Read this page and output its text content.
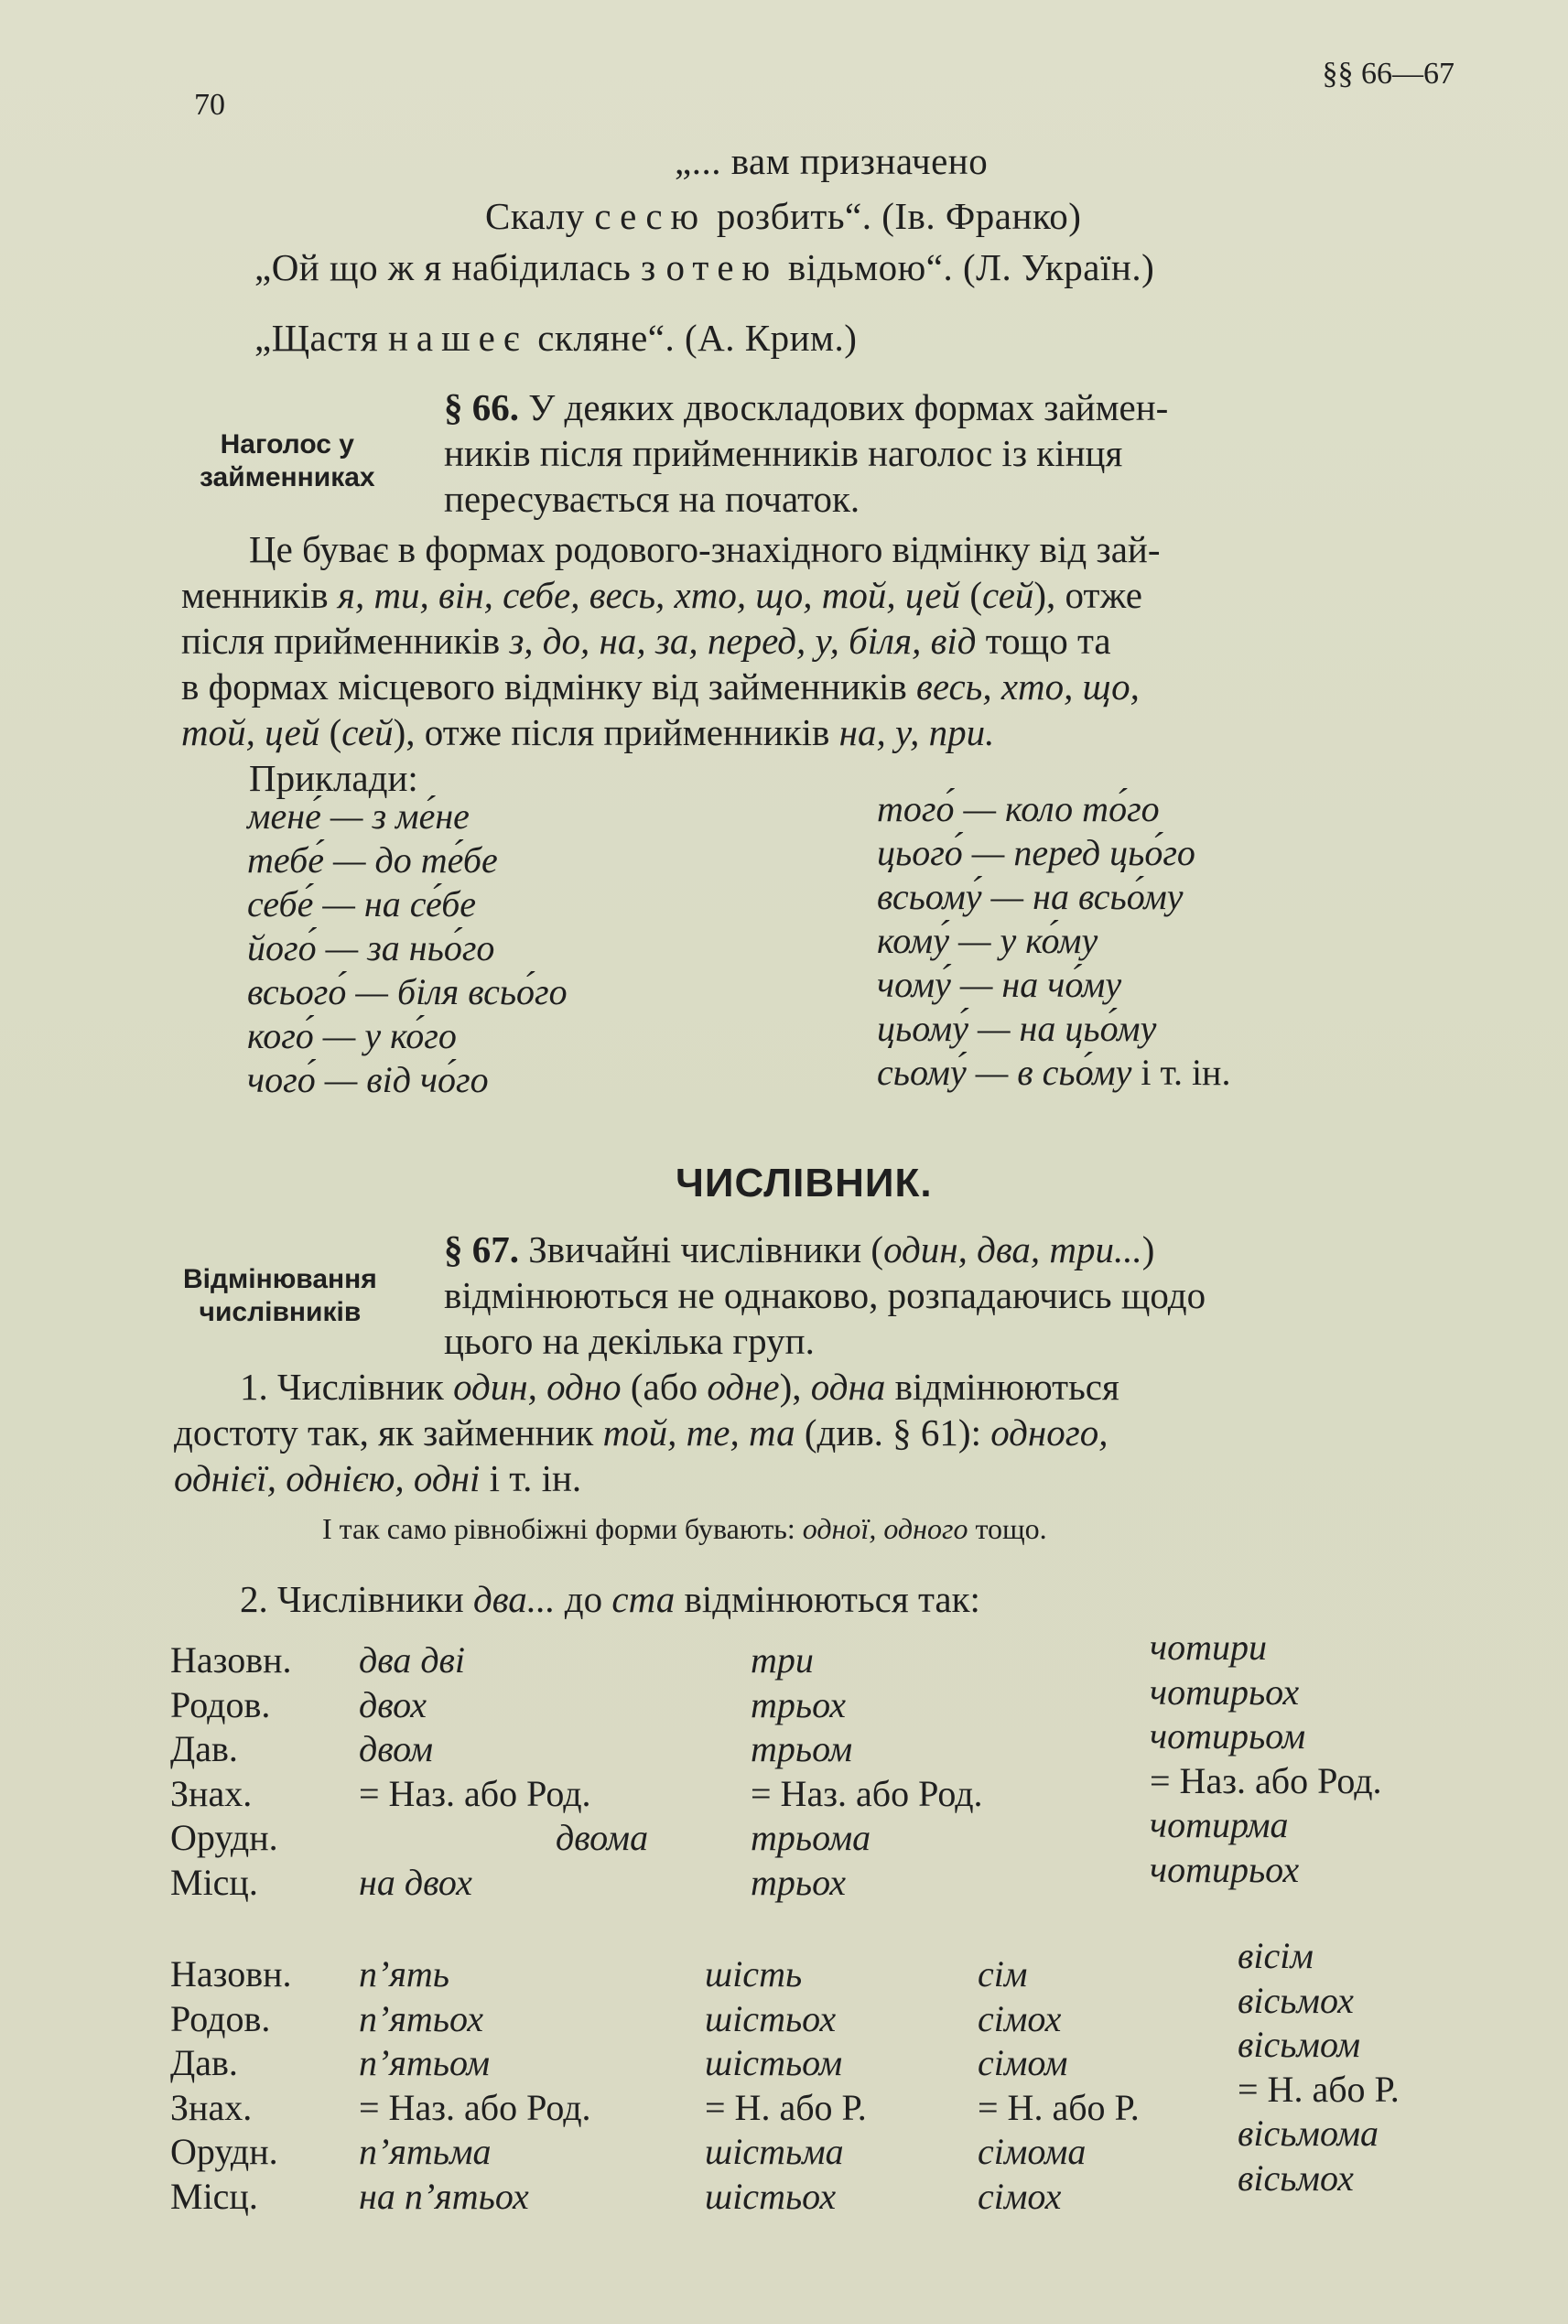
70
§§ 66—67
„... вам призначено
Скалу сесю розбить“. (Ів. Франко)
„Ой що ж я набідилась з отею відьмою“. (Л. Україн.)
„Щастя нашеє скляне“. (А. Крим.)
Наголос у
займенниках
§ 66. У деяких двоскладових формах займен-
ників після прийменників наголос із кінця
пересувається на початок.
Це буває в формах родового-знахідного відмінку від зай-
менників я, ти, він, себе, весь, хто, що, той, цей (сей), отже
після прийменників з, до, на, за, перед, у, біля, від тощо та
в формах місцевого відмінку від займенників весь, хто, що,
той, цей (сей), отже після прийменників на, у, при.
Приклади:
мене́ — з ме́не
тебе́ — до те́бе
себе́ — на се́бе
його́ — за ньо́го
всього́ — біля всьо́го
кого́ — у ко́го
чого́ — від чо́го
того́ — коло то́го
цього́ — перед цьо́го
всьому́ — на всьо́му
кому́ — у ко́му
чому́ — на чо́му
цьому́ — на цьо́му
сьому́ — в сьо́му і т. ін.
ЧИСЛІВНИК.
Відмінювання
числівників
§ 67. Звичайні числівники (один, два, три...)
відмінюються не однаково, розпадаючись щодо
цього на декілька груп.
1. Числівник один, одно (або одне), одна відмінюються
достоту так, як займенник той, те, та (див. § 61): одного,
однієї, однією, одні і т. ін.
І так само рівнобіжні форми бувають: одної, одного тощо.
2. Числівники два... до ста відмінюються так:
Назовн.
Родов.
Дав.
Знах.
Орудн.
Місц.
два дві
двох
двом
= Наз. або Род.
двома
на двох
три
трьох
трьом
= Наз. або Род.
трьома
трьох
чотири
чотирьох
чотирьом
= Наз. або Род.
чотирма
чотирьох
Назовн.
Родов.
Дав.
Знах.
Орудн.
Місц.
п’ять
п’ятьох
п’ятьом
= Наз. або Род.
п’ятьма
на п’ятьох
шість
шістьох
шістьом
= Н. або Р.
шістьма
шістьох
сім
сімох
сімом
= Н. або Р.
сімома
сімох
вісім
вісьмох
вісьмом
= Н. або Р.
вісьмома
вісьмох
